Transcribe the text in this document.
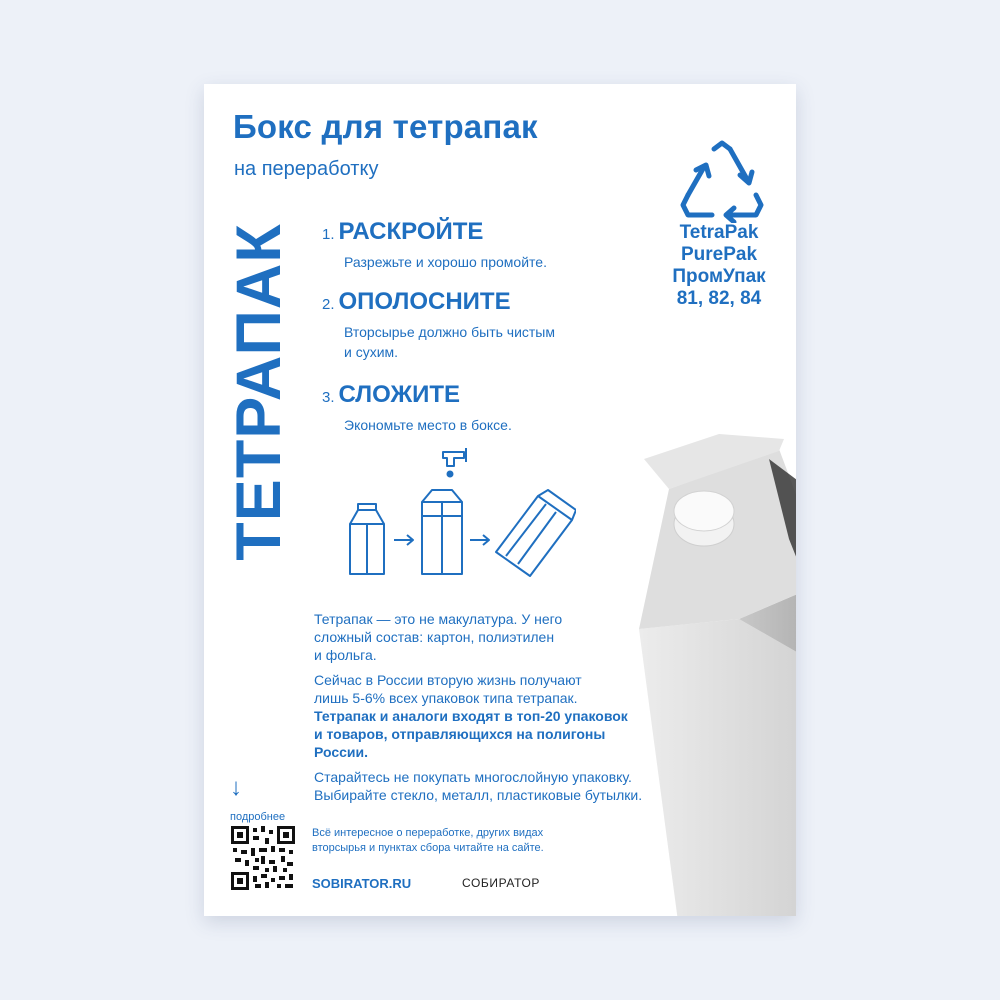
Бокс для тетрапак
на переработку
ТЕТРАПАК 1. РАСКРОЙТЕ
Разрежьте и хорошо промойте.
2. ОПОЛОСНИТЕ
Вторсырье должно быть чистым
и сухим.
3. СЛОЖИТЕ
Экономьте место в боксе.
TetraPak
PurePak
ПромУпак
81, 82, 84
Тетрапак — это не макулатура. У него
сложный состав: картон, полиэтилен
и фольга.
Сейчас в России вторую жизнь получают
лишь 5-6% всех упаковок типа тетрапак.
Тетрапак и аналоги входят в топ-20 упаковок
и товаров, отправляющихся на полигоны
России.
Старайтесь не покупать многослойную упаковку.
Выбирайте стекло, металл, пластиковые бутылки.
↓
подробнее
Всё интересное о переработке, других видах
вторсырья и пунктах сбора читайте на сайте.
SOBIRATOR.RU	СОБИРАТОР
